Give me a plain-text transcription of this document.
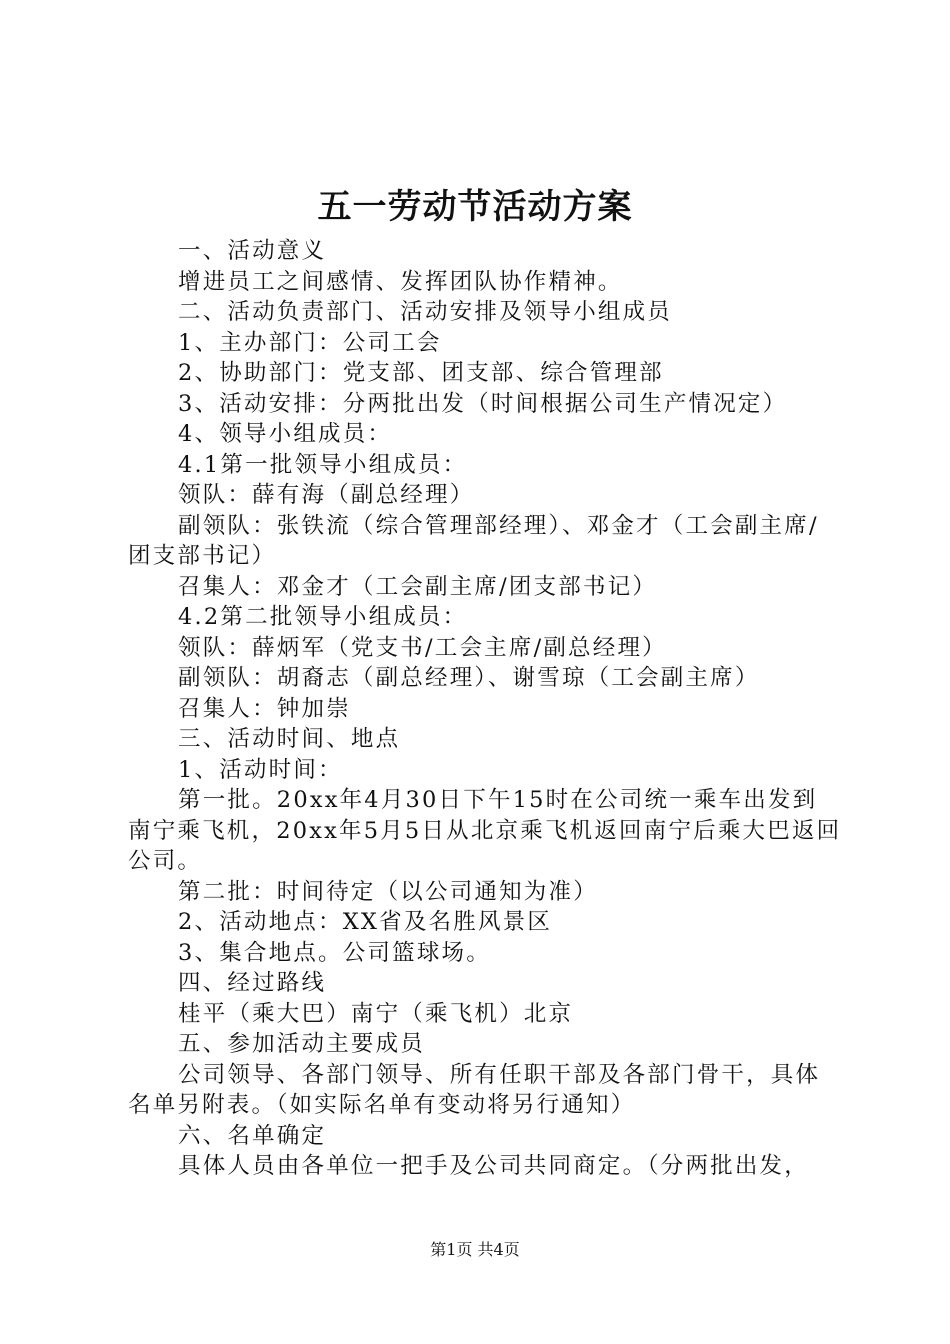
五一劳动节活动方案

一、活动意义

增进员工之间感情、发挥团队协作精神。

二、活动负责部门、活动安排及领导小组成员

1、主办部门：公司工会

2、协助部门：党支部、团支部、综合管理部

3、活动安排：分两批出发（时间根据公司生产情况定）

4、领导小组成员：

4.1第一批领导小组成员：

领队：薛有海（副总经理）

副领队：张铁流（综合管理部经理）、邓金才（工会副主席/团支部书记）

召集人：邓金才（工会副主席/团支部书记）

4.2第二批领导小组成员：

领队：薛炳军（党支书/工会主席/副总经理）

副领队：胡裔志（副总经理）、谢雪琼（工会副主席）

召集人：钟加崇

三、活动时间、地点

1、活动时间：

第一批。20xx年4月30日下午15时在公司统一乘车出发到南宁乘飞机，20xx年5月5日从北京乘飞机返回南宁后乘大巴返回公司。

第二批：时间待定（以公司通知为准）

2、活动地点：XX省及名胜风景区

3、集合地点。公司篮球场。

四、经过路线

桂平（乘大巴）南宁（乘飞机）北京

五、参加活动主要成员

公司领导、各部门领导、所有任职干部及各部门骨干，具体名单另附表。（如实际名单有变动将另行通知）

六、名单确定

具体人员由各单位一把手及公司共同商定。（分两批出发，

第1页 共4页
